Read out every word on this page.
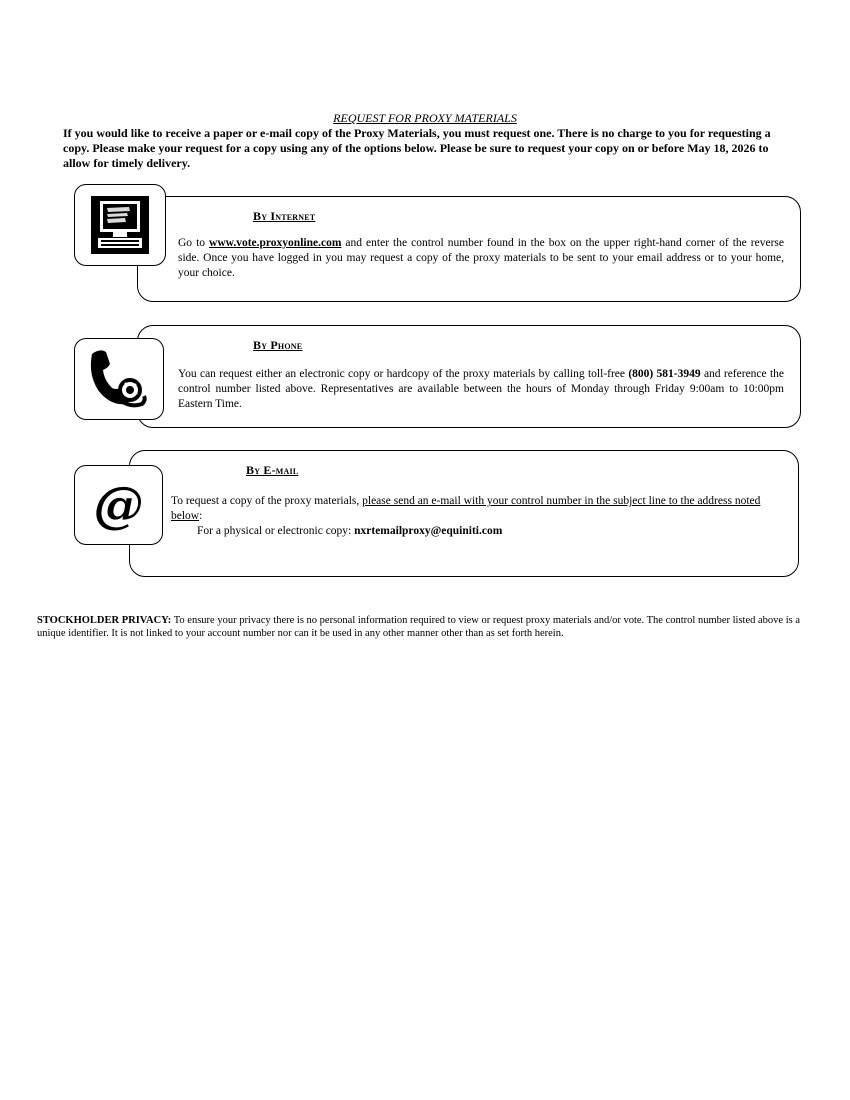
REQUEST FOR PROXY MATERIALS
If you would like to receive a paper or e-mail copy of the Proxy Materials, you must request one. There is no charge to you for requesting a copy. Please make your request for a copy using any of the options below. Please be sure to request your copy on or before May 18, 2026 to allow for timely delivery.
By Internet
Go to www.vote.proxyonline.com and enter the control number found in the box on the upper right-hand corner of the reverse side. Once you have logged in you may request a copy of the proxy materials to be sent to your email address or to your home, your choice.
By Phone
You can request either an electronic copy or hardcopy of the proxy materials by calling toll-free (800) 581-3949 and reference the control number listed above. Representatives are available between the hours of Monday through Friday 9:00am to 10:00pm Eastern Time.
@
By E-mail
To request a copy of the proxy materials, please send an e-mail with your control number in the subject line to the address noted below:
For a physical or electronic copy: nxrtemailproxy@equiniti.com
STOCKHOLDER PRIVACY: To ensure your privacy there is no personal information required to view or request proxy materials and/or vote. The control number listed above is a unique identifier. It is not linked to your account number nor can it be used in any other manner other than as set forth herein.
